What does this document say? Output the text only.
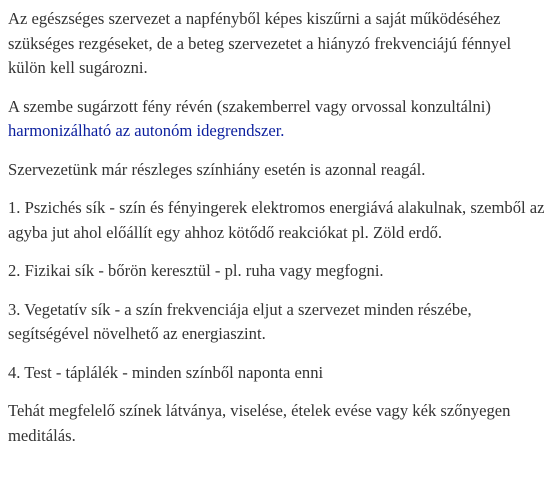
Az egészséges szervezet a napfényből képes kiszűrni a saját működéséhez szükséges rezgéseket, de a beteg szervezetet a hiányzó frekvenciájú fénnyel külön kell sugározni.

A szembe sugárzott fény révén (szakemberrel vagy orvossal konzultálni) harmonizálható az autonóm idegrendszer.

Szervezetünk már részleges színhiány esetén is azonnal reagál.

1. Pszichés sík - szín és fényingerek elektromos energiává alakulnak, szemből az agyba jut ahol előállít egy ahhoz kötődő reakciókat pl. Zöld erdő.

2. Fizikai sík - bőrön keresztül - pl. ruha vagy megfogni.

3. Vegetatív sík - a szín frekvenciája eljut a szervezet minden részébe, segítségével növelhető az energiaszint.

4. Test - táplálék - minden színből naponta enni

Tehát megfelelő színek látványa, viselése, ételek evése vagy kék szőnyegen meditálás.
